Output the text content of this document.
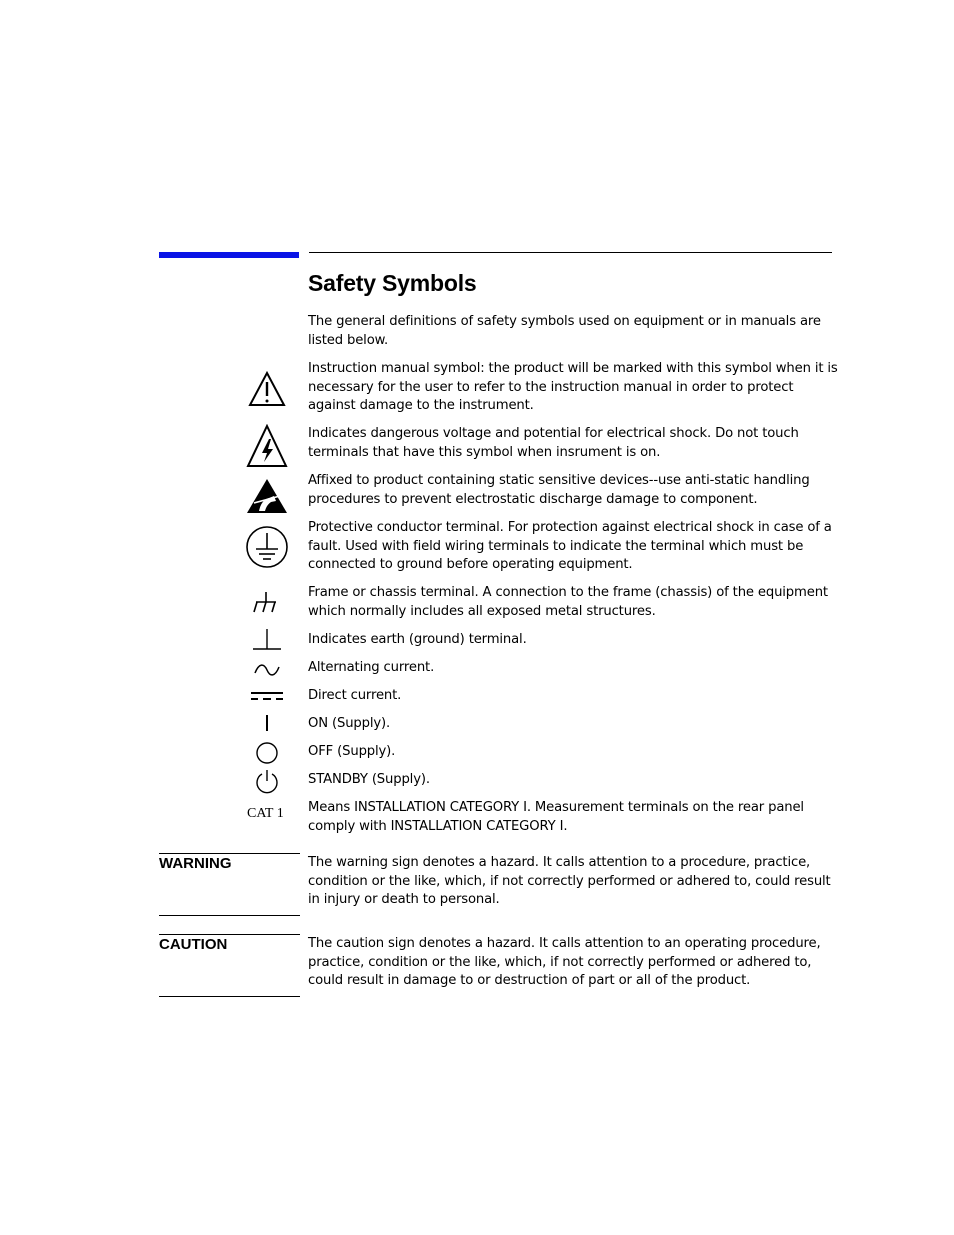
Safety Symbols
The general definitions of safety symbols used on equipment or in manuals are listed below.
Instruction manual symbol: the product will be marked with this symbol when it is necessary for the user to refer to the instruction manual in order to protect against damage to the instrument.
Indicates dangerous voltage and potential for electrical shock. Do not touch terminals that have this symbol when insrument is on.
Affixed to product containing static sensitive devices--use anti-static handling procedures to prevent electrostatic discharge damage to component.
Protective conductor terminal. For protection against electrical shock in case of a fault. Used with field wiring terminals to indicate the terminal which must be connected to ground before operating equipment.
Frame or chassis terminal. A connection to the frame (chassis) of the equipment which normally includes all exposed metal structures.
Indicates earth (ground) terminal.
Alternating current.
Direct current.
ON (Supply).
OFF (Supply).
STANDBY (Supply).
CAT 1 Means INSTALLATION CATEGORY I. Measurement terminals on the rear panel comply with INSTALLATION CATEGORY I.
WARNING	The warning sign denotes a hazard. It calls attention to a procedure, practice, condition or the like, which, if not correctly performed or adhered to, could result in injury or death to personal.
CAUTION	The caution sign denotes a hazard. It calls attention to an operating procedure, practice, condition or the like, which, if not correctly performed or adhered to, could result in damage to or destruction of part or all of the product.
